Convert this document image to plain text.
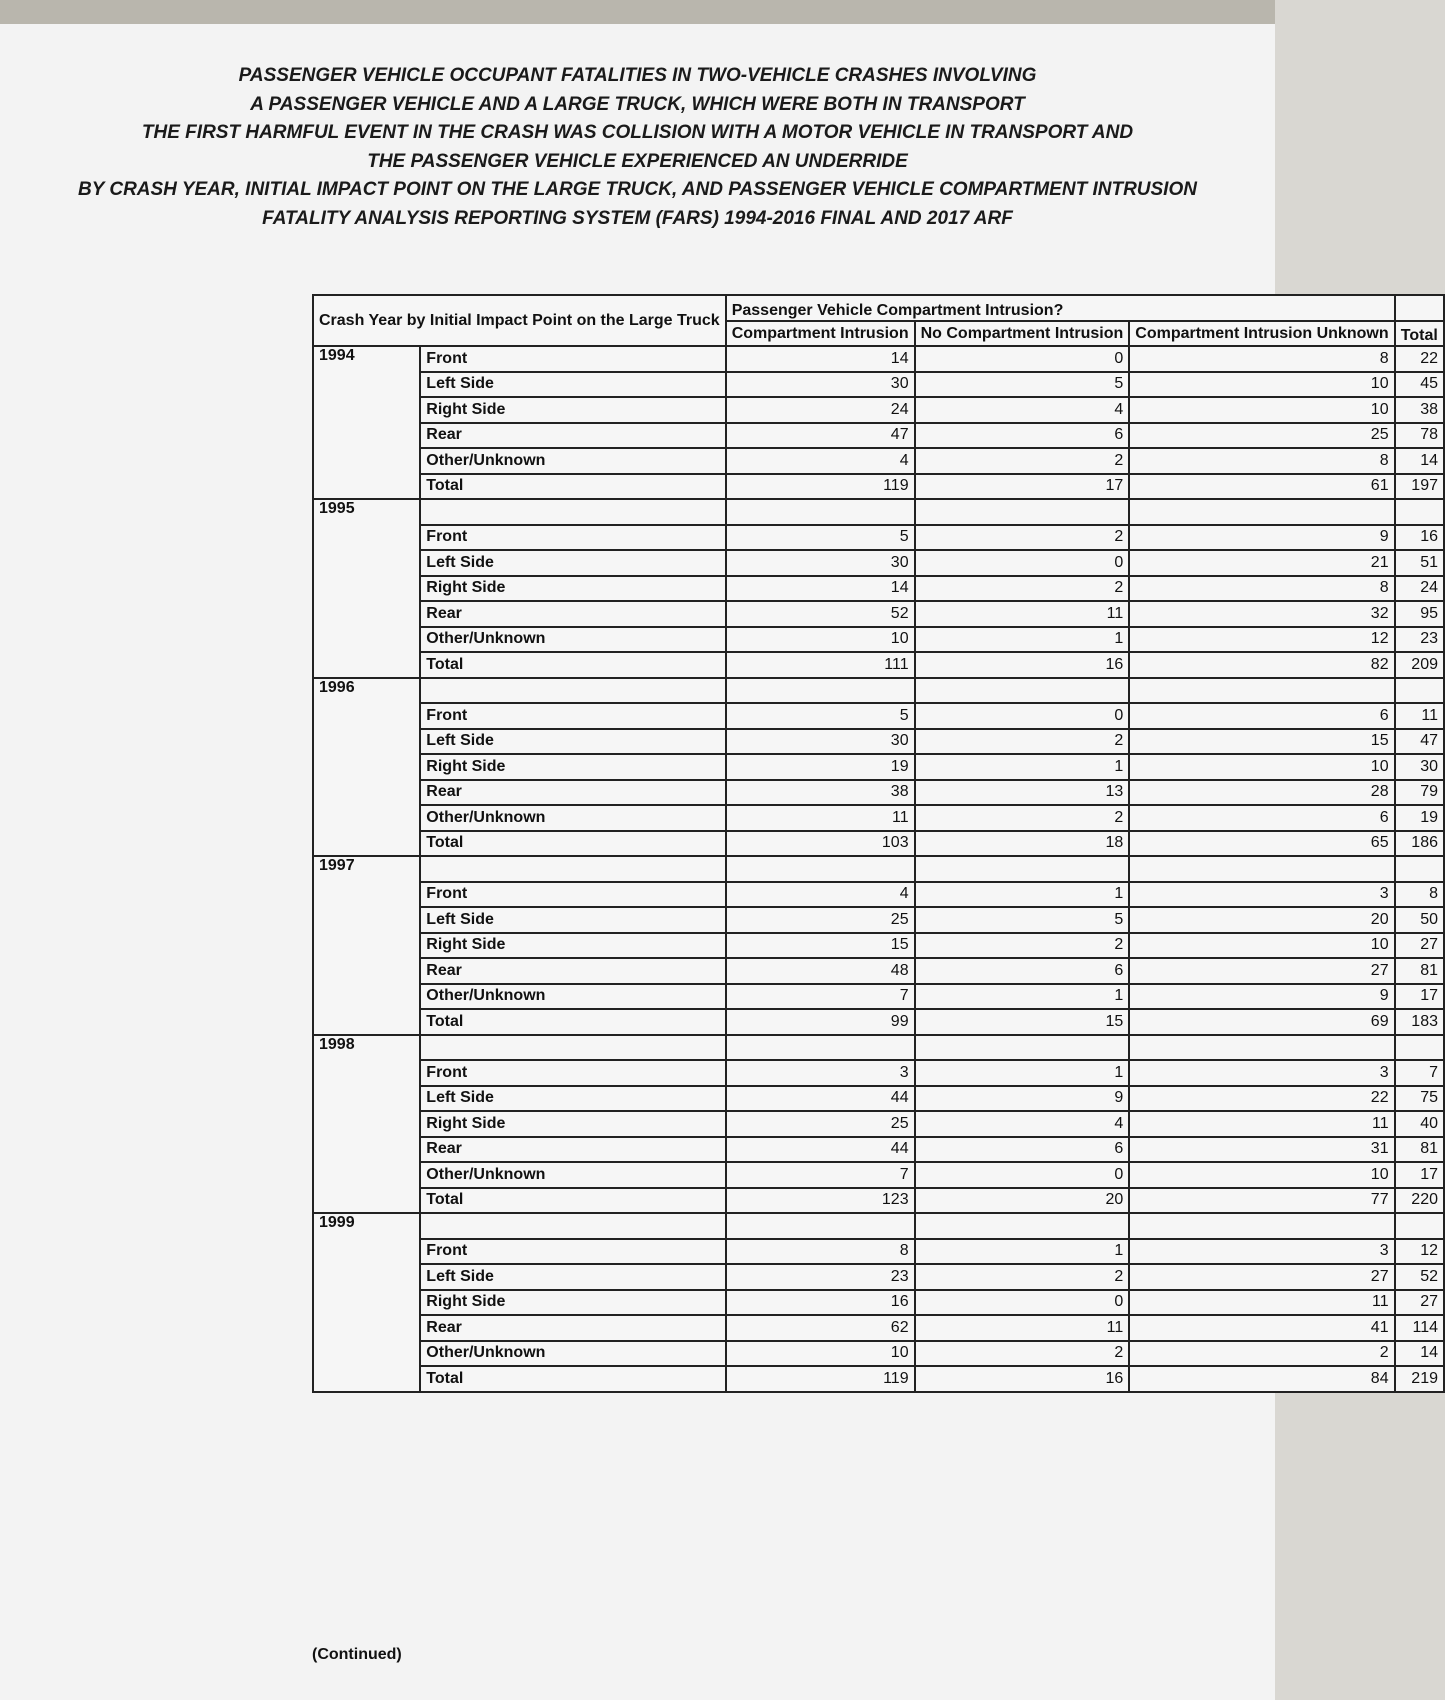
PASSENGER VEHICLE OCCUPANT FATALITIES IN TWO-VEHICLE CRASHES INVOLVING
A PASSENGER VEHICLE AND A LARGE TRUCK, WHICH WERE BOTH IN TRANSPORT
THE FIRST HARMFUL EVENT IN THE CRASH WAS COLLISION WITH A MOTOR VEHICLE IN TRANSPORT AND
THE PASSENGER VEHICLE EXPERIENCED AN UNDERRIDE
BY CRASH YEAR, INITIAL IMPACT POINT ON THE LARGE TRUCK, AND PASSENGER VEHICLE COMPARTMENT INTRUSION
FATALITY ANALYSIS REPORTING SYSTEM (FARS) 1994-2016 FINAL AND 2017 ARF
Crash Year by Initial Impact Point on the Large Truck		Passenger Vehicle Compartment Intrusion?			
		Compartment Intrusion	No Compartment Intrusion	Compartment Intrusion Unknown	Total
1994	Front	14	0	8	22
	Left Side	30	5	10	45
	Right Side	24	4	10	38
	Rear	47	6	25	78
	Other/Unknown	4	2	8	14
	Total	119	17	61	197
1995					
	Front	5	2	9	16
	Left Side	30	0	21	51
	Right Side	14	2	8	24
	Rear	52	11	32	95
	Other/Unknown	10	1	12	23
	Total	111	16	82	209
1996					
	Front	5	0	6	11
	Left Side	30	2	15	47
	Right Side	19	1	10	30
	Rear	38	13	28	79
	Other/Unknown	11	2	6	19
	Total	103	18	65	186
1997					
	Front	4	1	3	8
	Left Side	25	5	20	50
	Right Side	15	2	10	27
	Rear	48	6	27	81
	Other/Unknown	7	1	9	17
	Total	99	15	69	183
1998					
	Front	3	1	3	7
	Left Side	44	9	22	75
	Right Side	25	4	11	40
	Rear	44	6	31	81
	Other/Unknown	7	0	10	17
	Total	123	20	77	220
1999					
	Front	8	1	3	12
	Left Side	23	2	27	52
	Right Side	16	0	11	27
	Rear	62	11	41	114
	Other/Unknown	10	2	2	14
	Total	119	16	84	219
(Continued)
